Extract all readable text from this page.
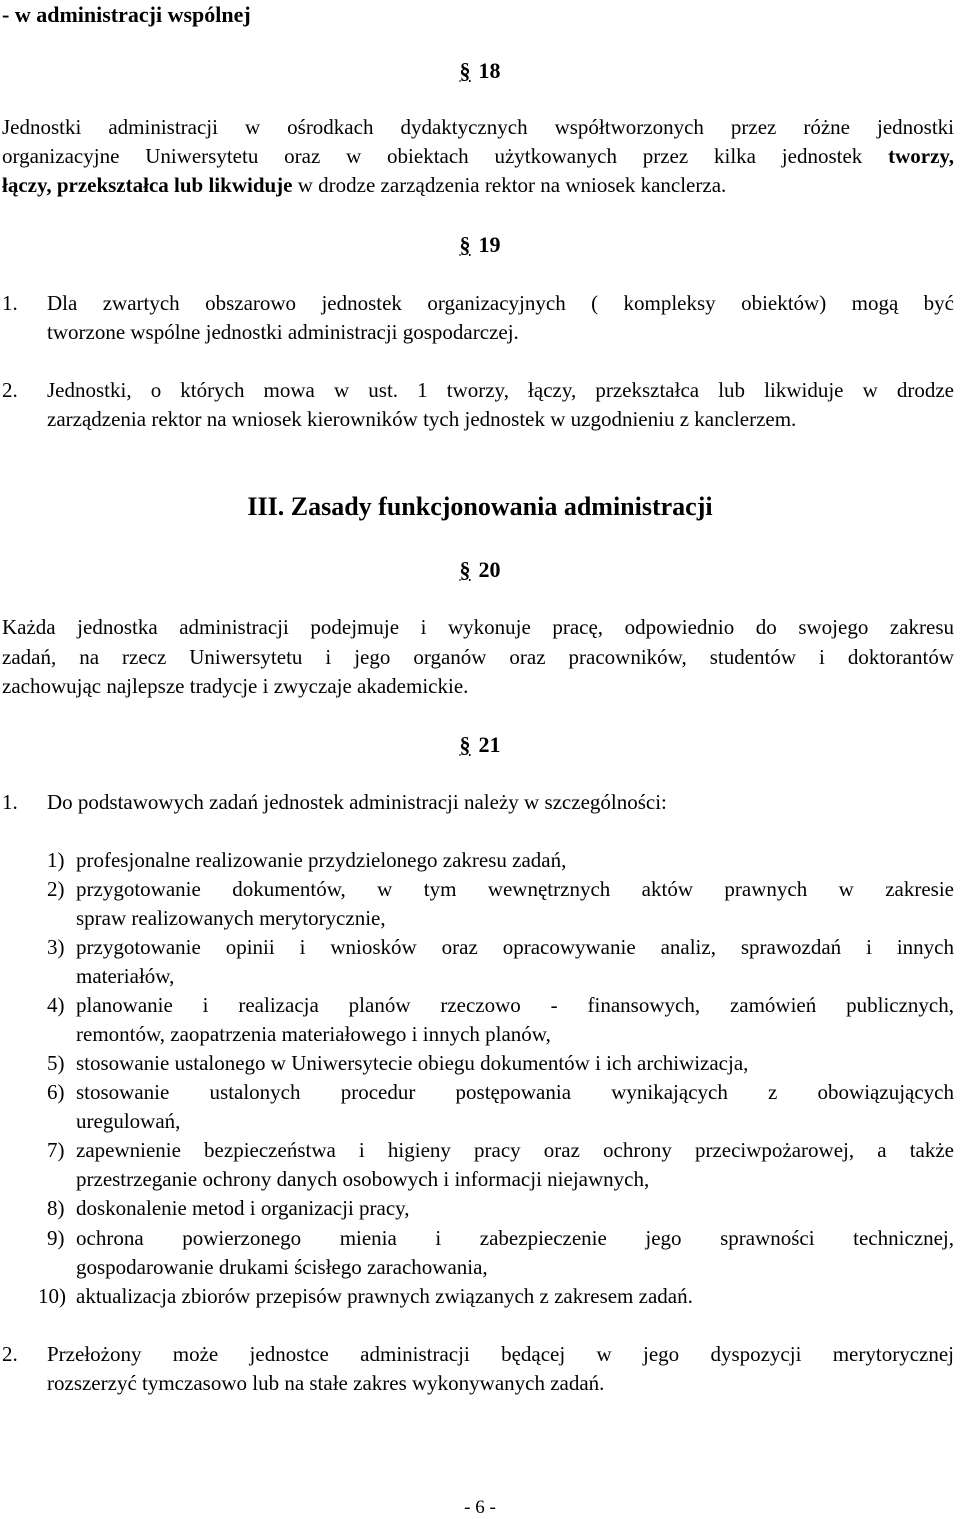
- w administracji wspólnej
§ 18
Jednostki administracji w ośrodkach dydaktycznych współtworzonych przez różne jednostki
organizacyjne Uniwersytetu oraz w obiektach użytkowanych przez kilka jednostek tworzy,
łączy, przekształca lub likwiduje w drodze zarządzenia rektor na wniosek kanclerza.
§ 19
1. Dla zwartych obszarowo jednostek organizacyjnych ( kompleksy obiektów) mogą być
tworzone wspólne jednostki administracji gospodarczej.
2. Jednostki, o których mowa w ust. 1 tworzy, łączy, przekształca lub likwiduje w drodze
zarządzenia rektor na wniosek kierowników tych jednostek w uzgodnieniu z kanclerzem.
III. Zasady funkcjonowania administracji
§ 20
Każda jednostka administracji podejmuje i wykonuje pracę, odpowiednio do swojego zakresu
zadań, na rzecz Uniwersytetu i jego organów oraz pracowników, studentów i doktorantów
zachowując najlepsze tradycje i zwyczaje akademickie.
§ 21
1. Do podstawowych zadań jednostek administracji należy w szczególności:
1) profesjonalne realizowanie przydzielonego zakresu zadań,
2) przygotowanie dokumentów, w tym wewnętrznych aktów prawnych w zakresie
spraw realizowanych merytorycznie,
3) przygotowanie opinii i wniosków oraz opracowywanie analiz, sprawozdań i innych
materiałów,
4) planowanie i realizacja planów rzeczowo - finansowych, zamówień publicznych,
remontów, zaopatrzenia materiałowego i innych planów,
5) stosowanie ustalonego w Uniwersytecie obiegu dokumentów i ich archiwizacja,
6) stosowanie ustalonych procedur postępowania wynikających z obowiązujących
uregulowań,
7) zapewnienie bezpieczeństwa i higieny pracy oraz ochrony przeciwpożarowej, a także
przestrzeganie ochrony danych osobowych i informacji niejawnych,
8) doskonalenie metod i organizacji pracy,
9) ochrona powierzonego mienia i zabezpieczenie jego sprawności technicznej,
gospodarowanie drukami ścisłego zarachowania,
10) aktualizacja zbiorów przepisów prawnych związanych z zakresem zadań.
2. Przełożony może jednostce administracji będącej w jego dyspozycji merytorycznej
rozszerzyć tymczasowo lub na stałe zakres wykonywanych zadań.
- 6 -
